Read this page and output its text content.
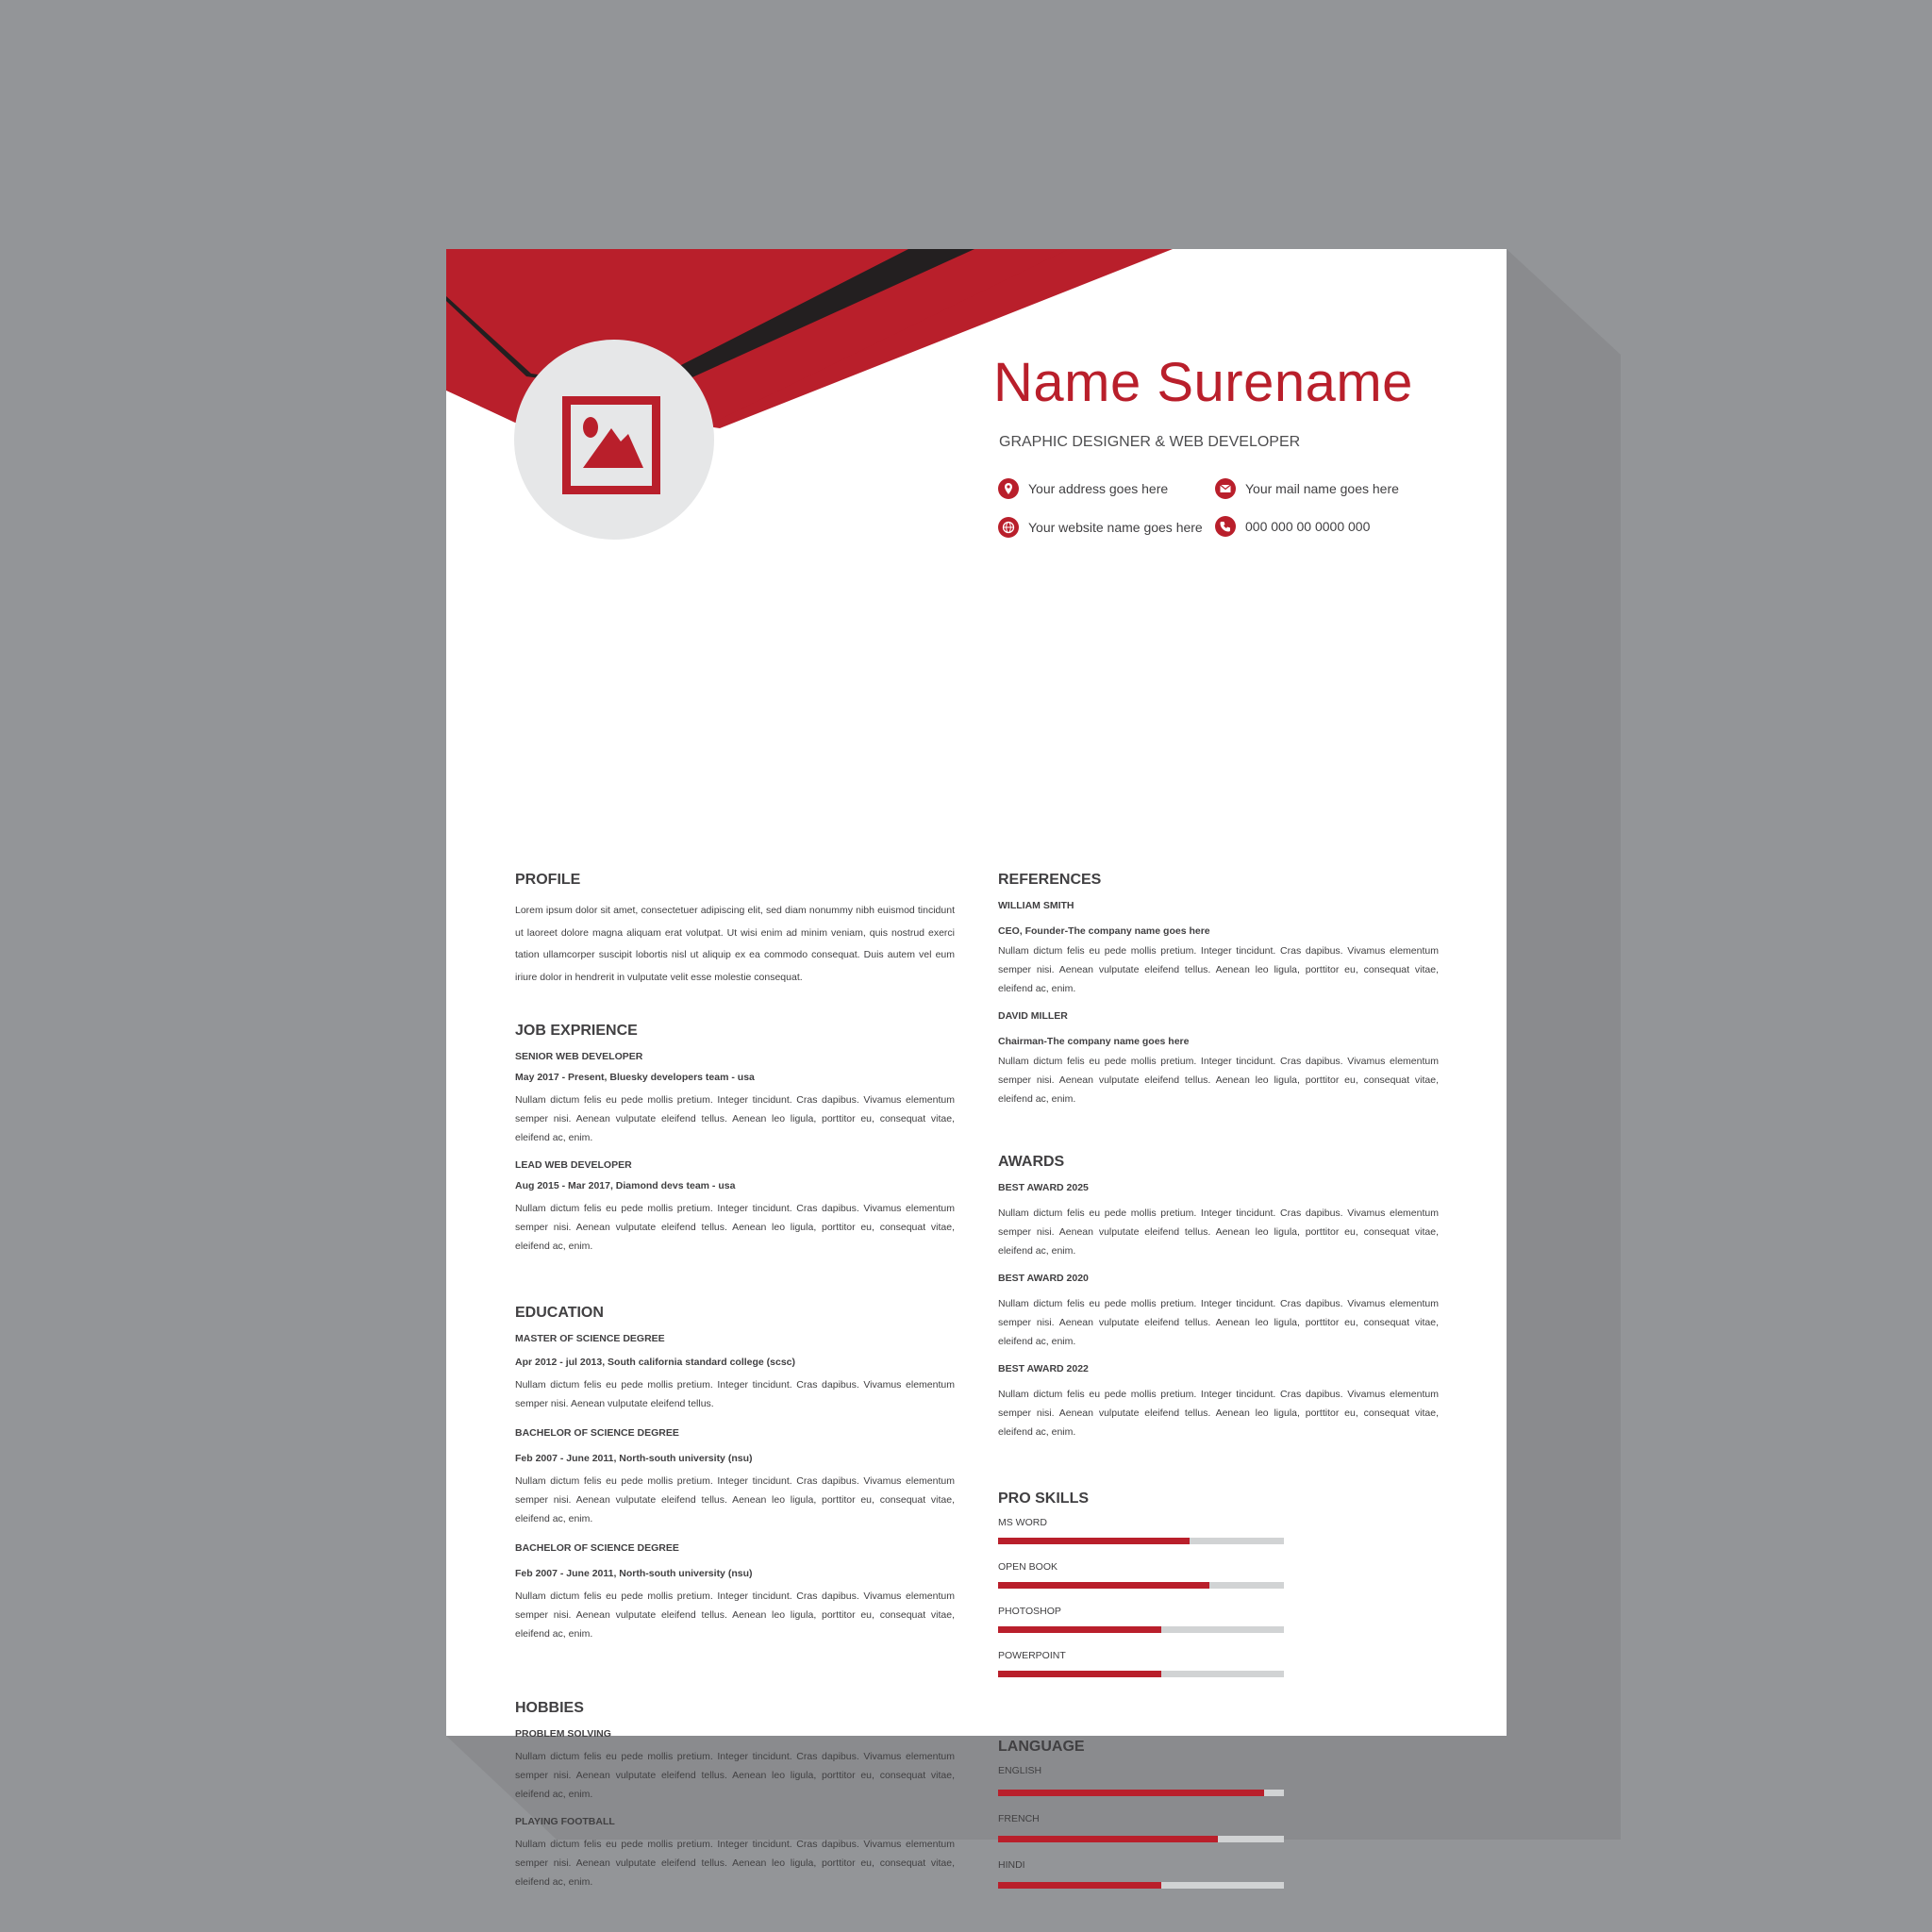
Name Surename
GRAPHIC DESIGNER & WEB DEVELOPER
Your address goes here	Your mail name goes here
Your website name goes here	000 000 00 0000 000
PROFILE

Lorem ipsum dolor sit amet, consectetuer adipiscing elit, sed diam nonummy nibh euismod tincidunt ut laoreet dolore magna aliquam erat volutpat. Ut wisi enim ad minim veniam, quis nostrud exerci tation ullamcorper suscipit lobortis nisl ut aliquip ex ea commodo consequat. Duis autem vel eum iriure dolor in hendrerit in vulputate velit esse molestie consequat.

JOB EXPRIENCE
SENIOR WEB DEVELOPER
May 2017 - Present, Bluesky developers team - usa

Nullam dictum felis eu pede mollis pretium. Integer tincidunt. Cras dapibus. Vivamus elementum semper nisi. Aenean vulputate eleifend tellus. Aenean leo ligula, porttitor eu, consequat vitae, eleifend ac, enim.

LEAD WEB DEVELOPER
Aug 2015 - Mar 2017, Diamond devs team - usa

Nullam dictum felis eu pede mollis pretium. Integer tincidunt. Cras dapibus. Vivamus elementum semper nisi. Aenean vulputate eleifend tellus. Aenean leo ligula, porttitor eu, consequat vitae, eleifend ac, enim.

EDUCATION
MASTER OF SCIENCE DEGREE
Apr 2012 - jul 2013, South california standard college (scsc)

Nullam dictum felis eu pede mollis pretium. Integer tincidunt. Cras dapibus. Vivamus elementum semper nisi. Aenean vulputate eleifend tellus.

BACHELOR OF SCIENCE DEGREE
Feb 2007 - June 2011, North-south university (nsu)

Nullam dictum felis eu pede mollis pretium. Integer tincidunt. Cras dapibus. Vivamus elementum semper nisi. Aenean vulputate eleifend tellus. Aenean leo ligula, porttitor eu, consequat vitae, eleifend ac, enim.

BACHELOR OF SCIENCE DEGREE
Feb 2007 - June 2011, North-south university (nsu)

Nullam dictum felis eu pede mollis pretium. Integer tincidunt. Cras dapibus. Vivamus elementum semper nisi. Aenean vulputate eleifend tellus. Aenean leo ligula, porttitor eu, consequat vitae, eleifend ac, enim.

HOBBIES
PROBLEM SOLVING

Nullam dictum felis eu pede mollis pretium. Integer tincidunt. Cras dapibus. Vivamus elementum semper nisi. Aenean vulputate eleifend tellus. Aenean leo ligula, porttitor eu, consequat vitae, eleifend ac, enim.

PLAYING FOOTBALL

Nullam dictum felis eu pede mollis pretium. Integer tincidunt. Cras dapibus. Vivamus elementum semper nisi. Aenean vulputate eleifend tellus. Aenean leo ligula, porttitor eu, consequat vitae, eleifend ac, enim.

REFERENCES
WILLIAM SMITH
CEO, Founder-The company name goes here

Nullam dictum felis eu pede mollis pretium. Integer tincidunt. Cras dapibus. Vivamus elementum semper nisi. Aenean vulputate eleifend tellus. Aenean leo ligula, porttitor eu, consequat vitae, eleifend ac, enim.

DAVID MILLER
Chairman-The company name goes here

Nullam dictum felis eu pede mollis pretium. Integer tincidunt. Cras dapibus. Vivamus elementum semper nisi. Aenean vulputate eleifend tellus. Aenean leo ligula, porttitor eu, consequat vitae, eleifend ac, enim.

AWARDS
BEST AWARD 2025

Nullam dictum felis eu pede mollis pretium. Integer tincidunt. Cras dapibus. Vivamus elementum semper nisi. Aenean vulputate eleifend tellus. Aenean leo ligula, porttitor eu, consequat vitae, eleifend ac, enim.

BEST AWARD 2020

Nullam dictum felis eu pede mollis pretium. Integer tincidunt. Cras dapibus. Vivamus elementum semper nisi. Aenean vulputate eleifend tellus. Aenean leo ligula, porttitor eu, consequat vitae, eleifend ac, enim.

BEST AWARD 2022

Nullam dictum felis eu pede mollis pretium. Integer tincidunt. Cras dapibus. Vivamus elementum semper nisi. Aenean vulputate eleifend tellus. Aenean leo ligula, porttitor eu, consequat vitae, eleifend ac, enim.

PRO SKILLS
MS WORD
OPEN BOOK
PHOTOSHOP
POWERPOINT
LANGUAGE
ENGLISH
FRENCH
HINDI
